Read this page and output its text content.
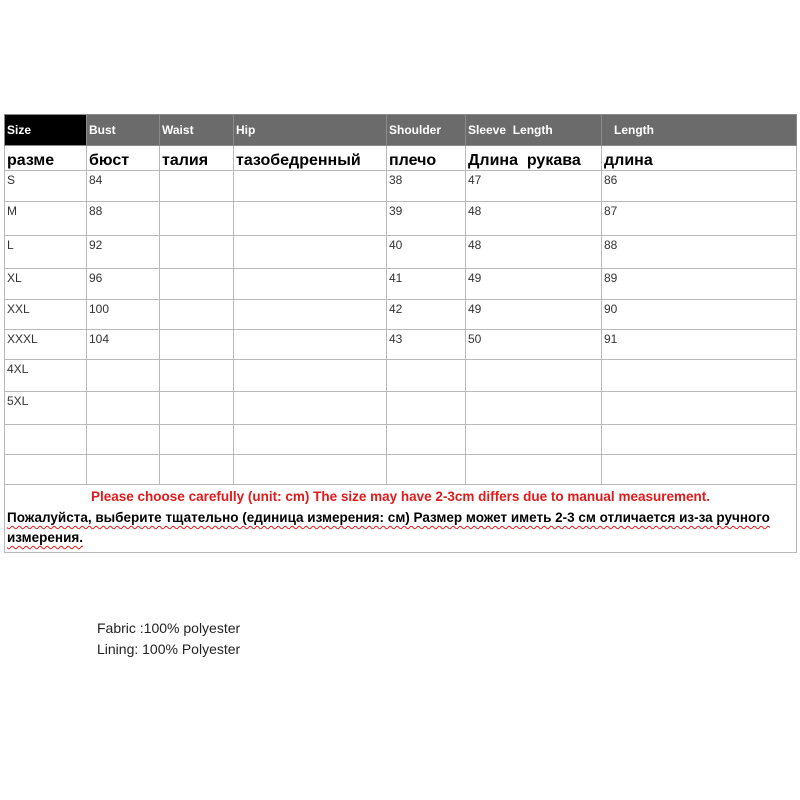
Size	Bust	Waist	Hip	Shoulder	Sleeve  Length	Length
разме	бюст	талия	тазобедренный	плечо	Длина  рукава	длина
S	84			38	47	86
M	88			39	48	87
L	92			40	48	88
XL	96			41	49	89
XXL	100			42	49	90
XXXL	104			43	50	91
4XL						
5XL						

Please choose carefully (unit: cm) The size may have 2-3cm differs due to manual measurement.
Пожалуйста, выберите тщательно (единица измерения: см) Размер может иметь 2-3 см отличается из-за ручного измерения.						
Fabric :100% polyester
Lining: 100% Polyester
